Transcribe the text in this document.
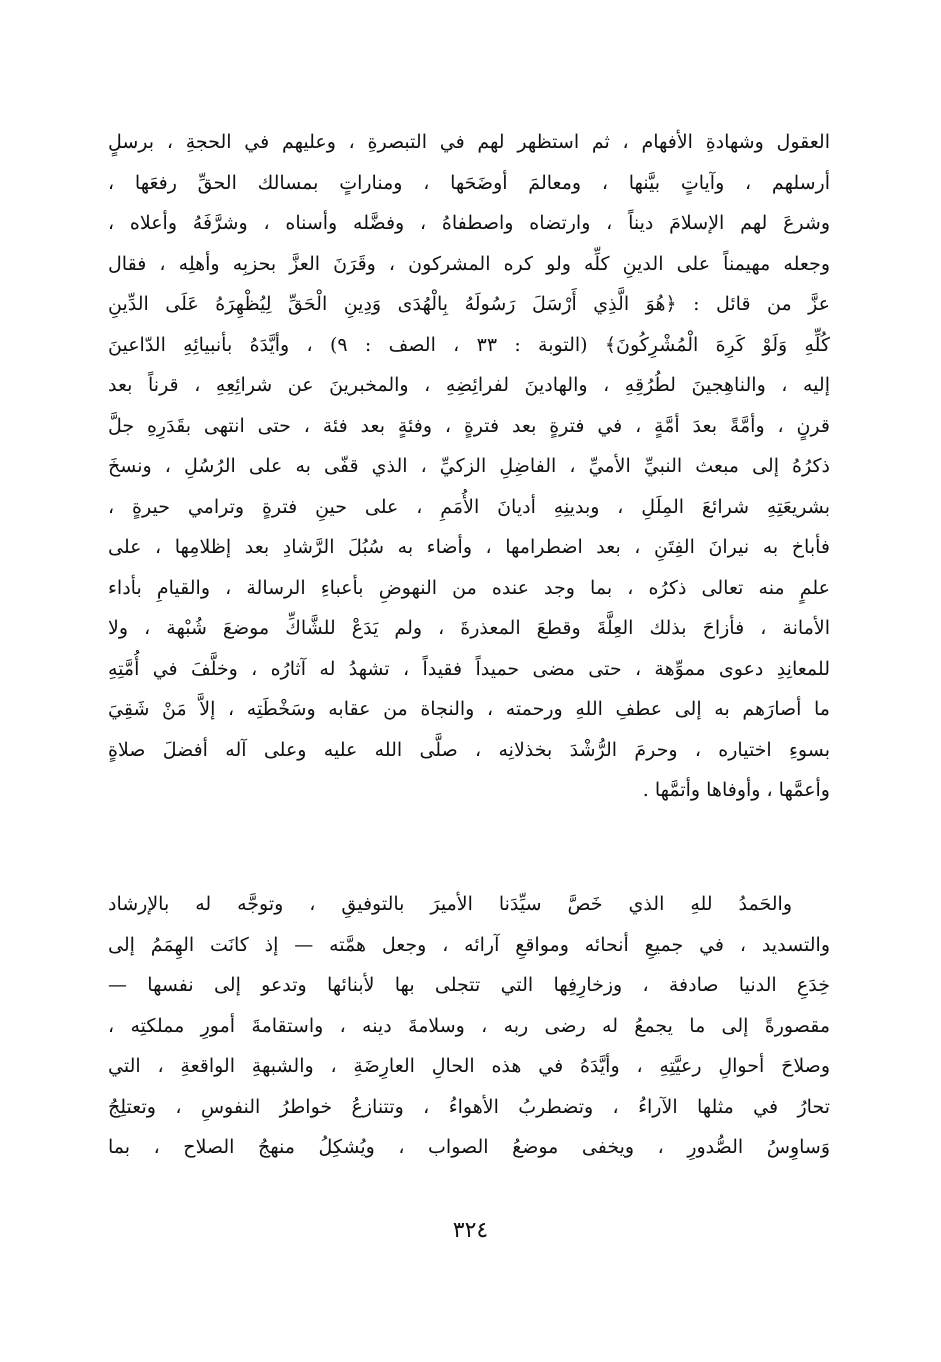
العقول وشهادةِ الأفهام ، ثم استظهر لهم في التبصرةِ ، وعليهم في الحجةِ ، برسلٍ
أرسلهم ، وآياتٍ بيَّنها ، ومعالمَ أوضَحَها ، ومناراتٍ بمسالك الحقِّ رفعَها ،
وشرعَ لهم الإسلامَ ديناً ، وارتضاه واصطفاهُ ، وفضَّله وأسناه ، وشرَّفَهُ وأعلاه ،
وجعله مهيمناً على الدينِ كلِّه ولو كره المشركون ، وقَرَنَ العزَّ بحزبِه وأهلِه ، فقال
عزَّ من قائل : ﴿هُوَ الَّذِي أَرْسَلَ رَسُولَهُ بِالْهُدَى وَدِينِ الْحَقِّ لِيُظْهِرَهُ عَلَى الدِّينِ
كُلِّهِ وَلَوْ كَرِهَ الْمُشْرِكُونَ﴾ (التوبة : ٣٣ ، الصف : ٩) ، وأيَّدَهُ بأنبيائِهِ الدّاعينَ
إليه ، والناهِجينَ لطُرُقِهِ ، والهادينَ لفرائِضِهِ ، والمخبرينَ عن شرائِعِهِ ، قرناً بعد
قرنٍ ، وأمَّةً بعدَ أمَّةٍ ، في فترةٍ بعد فترةٍ ، وفئةٍ بعد فئة ، حتى انتهى بقَدَرِهِ جلَّ
ذكرُهُ إلى مبعث النبيِّ الأميِّ ، الفاضِلِ الزكيِّ ، الذي قفّى به على الرُسُلِ ، ونسخَ
بشريعَتِهِ شرائعَ المِلَلِ ، وبدينِهِ أديانَ الأُمَمِ ، على حينِ فترةٍ وترامي حيرةٍ ،
فأباخ به نيرانَ الفِتَنِ ، بعد اضطرامها ، وأضاء به سُبُلَ الرَّشادِ بعد إظلامِها ، على
علمٍ منه تعالى ذكرُه ، بما وجد عنده من النهوضِ بأعباءِ الرسالة ، والقيامِ بأداء
الأمانة ، فأزاحَ بذلك العِلَّةَ وقطعَ المعذرةَ ، ولم يَدَعْ للشَّاكِّ موضعَ شُبْهة ، ولا
للمعانِدِ دعوى مموِّهة ، حتى مضى حميداً فقيداً ، تشهدُ له آثارُه ، وخلَّفَ في أُمَّتِهِ
ما أصارَهم به إلى عطفِ اللهِ ورحمته ، والنجاة من عقابه وسَخْطَتِه ، إلاَّ مَنْ شَقِيَ
بسوءِ اختياره ، وحرمَ الرُّشْدَ بخذلانِه ، صلَّى الله عليه وعلى آله أفضلَ صلاةٍ
وأعمَّها ، وأوفاها وأتمَّها .
والحَمدُ للهِ الذي خَصَّ سيِّدَنا الأميرَ بالتوفيقِ ، وتوجَّه له بالإرشاد
والتسديد ، في جميعِ أنحائه ومواقعِ آرائه ، وجعل همَّته — إذ كانَت الهِمَمُ إلى
خِدَعِ الدنيا صادفة ، وزخارِفِها التي تتجلى بها لأبنائها وتدعو إلى نفسها —
مقصورةً إلى ما يجمعُ له رضى ربه ، وسلامةَ دينه ، واستقامةَ أمورِ مملكتِه ،
وصلاحَ أحوالِ رعيَّتِهِ ، وأيَّدَهُ في هذه الحالِ العارِضَةِ ، والشبهةِ الواقعةِ ، التي
تحارُ في مثلها الآراءُ ، وتضطربُ الأهواءُ ، وتتنازعُ خواطرُ النفوسِ ، وتعتلِجُ
وَساوِسُ الصُّدورِ ، ويخفى موضعُ الصواب ، ويُشكِلُ منهجُ الصلاح ، بما
٣٢٤
